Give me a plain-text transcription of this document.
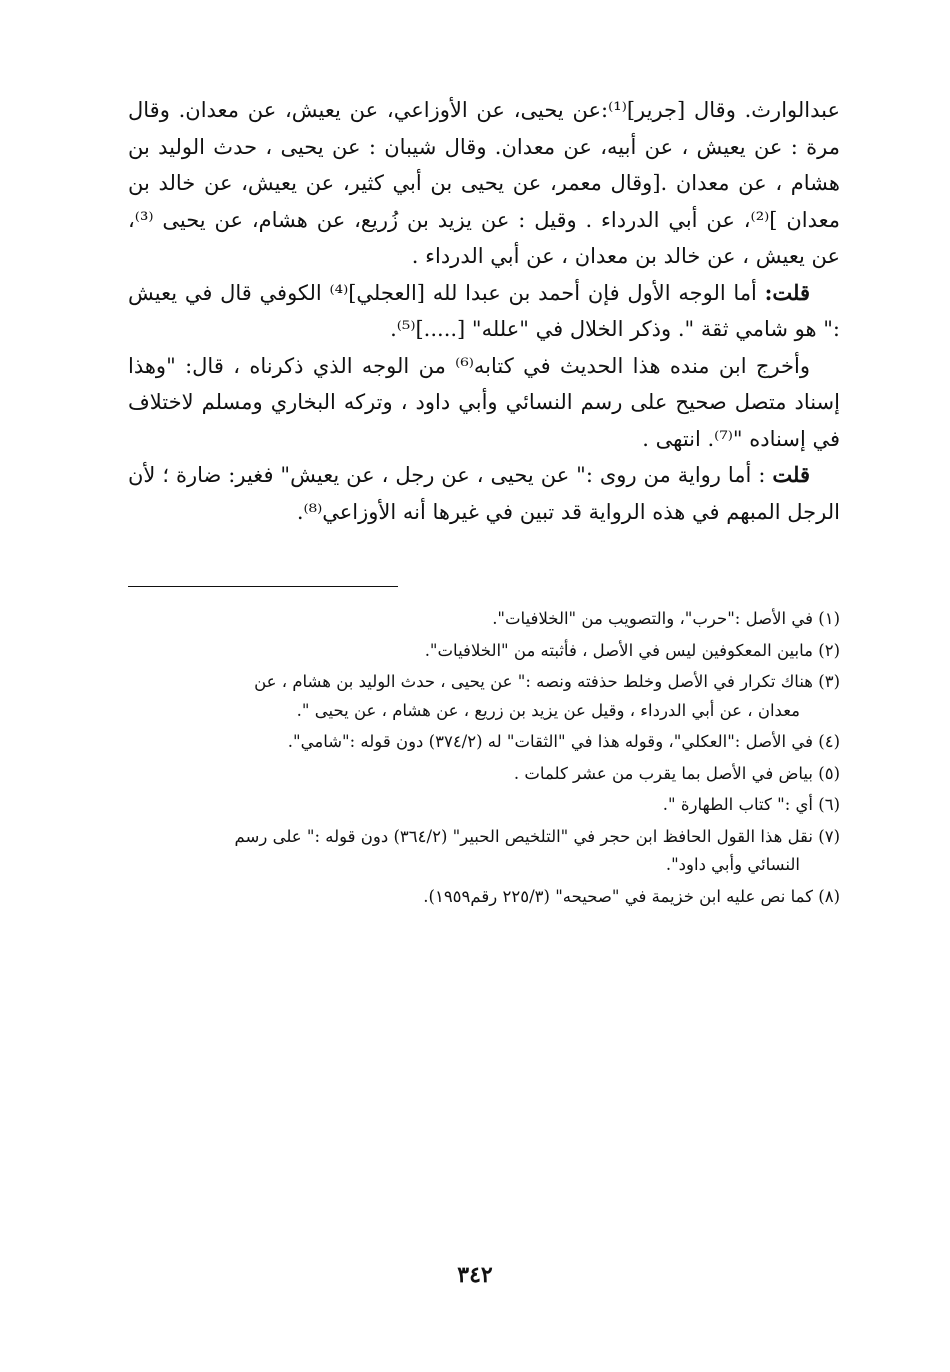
عبدالوارث. وقال [جرير]⁽¹⁾:عن يحيى، عن الأوزاعي، عن يعيش، عن معدان. وقال مرة : عن يعيش ، عن أبيه، عن معدان. وقال شيبان : عن يحيى ، حدث الوليد بن هشام ، عن معدان .[وقال معمر، عن يحيى بن أبي كثير، عن يعيش، عن خالد بن معدان ]⁽²⁾، عن أبي الدرداء . وقيل : عن يزيد بن زُريع، عن هشام، عن يحيى ⁽³⁾، عن يعيش ، عن خالد بن معدان ، عن أبي الدرداء .

قلت: أما الوجه الأول فإن أحمد بن عبدا لله [العجلي]⁽⁴⁾ الكوفي قال في يعيش :" هو شامي ثقة ". وذكر الخلال في "علله" [.....]⁽⁵⁾.

وأخرج ابن منده هذا الحديث في كتابه⁽⁶⁾ من الوجه الذي ذكرناه ، قال: "وهذا إسناد متصل صحيح على رسم النسائي وأبي داود ، وتركه البخاري ومسلم لاختلاف في إسناده "⁽⁷⁾. انتهى .

قلت : أما رواية من روى :" عن يحيى ، عن رجل ، عن يعيش" فغير: ضارة ؛ لأن الرجل المبهم في هذه الرواية قد تبين في غيرها أنه الأوزاعي⁽⁸⁾.

(١) في الأصل :"حرب"، والتصويب من "الخلافيات".
(٢) مابين المعكوفين ليس في الأصل ، فأثبته من "الخلافيات".
(٣) هناك تكرار في الأصل وخلط حذفته ونصه :" عن يحيى ، حدث الوليد بن هشام ، عن
معدان ، عن أبي الدرداء ، وقيل عن يزيد بن زريع ، عن هشام ، عن يحيى ".
(٤) في الأصل :"العكلي"، وقوله هذا في "الثقات" له (٣٧٤/٢) دون قوله :"شامي".
(٥) بياض في الأصل بما يقرب من عشر كلمات .
(٦) أي :" كتاب الطهارة ".
(٧) نقل هذا القول الحافظ ابن حجر في "التلخيص الحبير" (٣٦٤/٢) دون قوله :" على رسم
النسائي وأبي داود".
(٨) كما نص عليه ابن خزيمة في "صحيحه" (٢٢٥/٣ رقم١٩٥٩).
٣٤٢
